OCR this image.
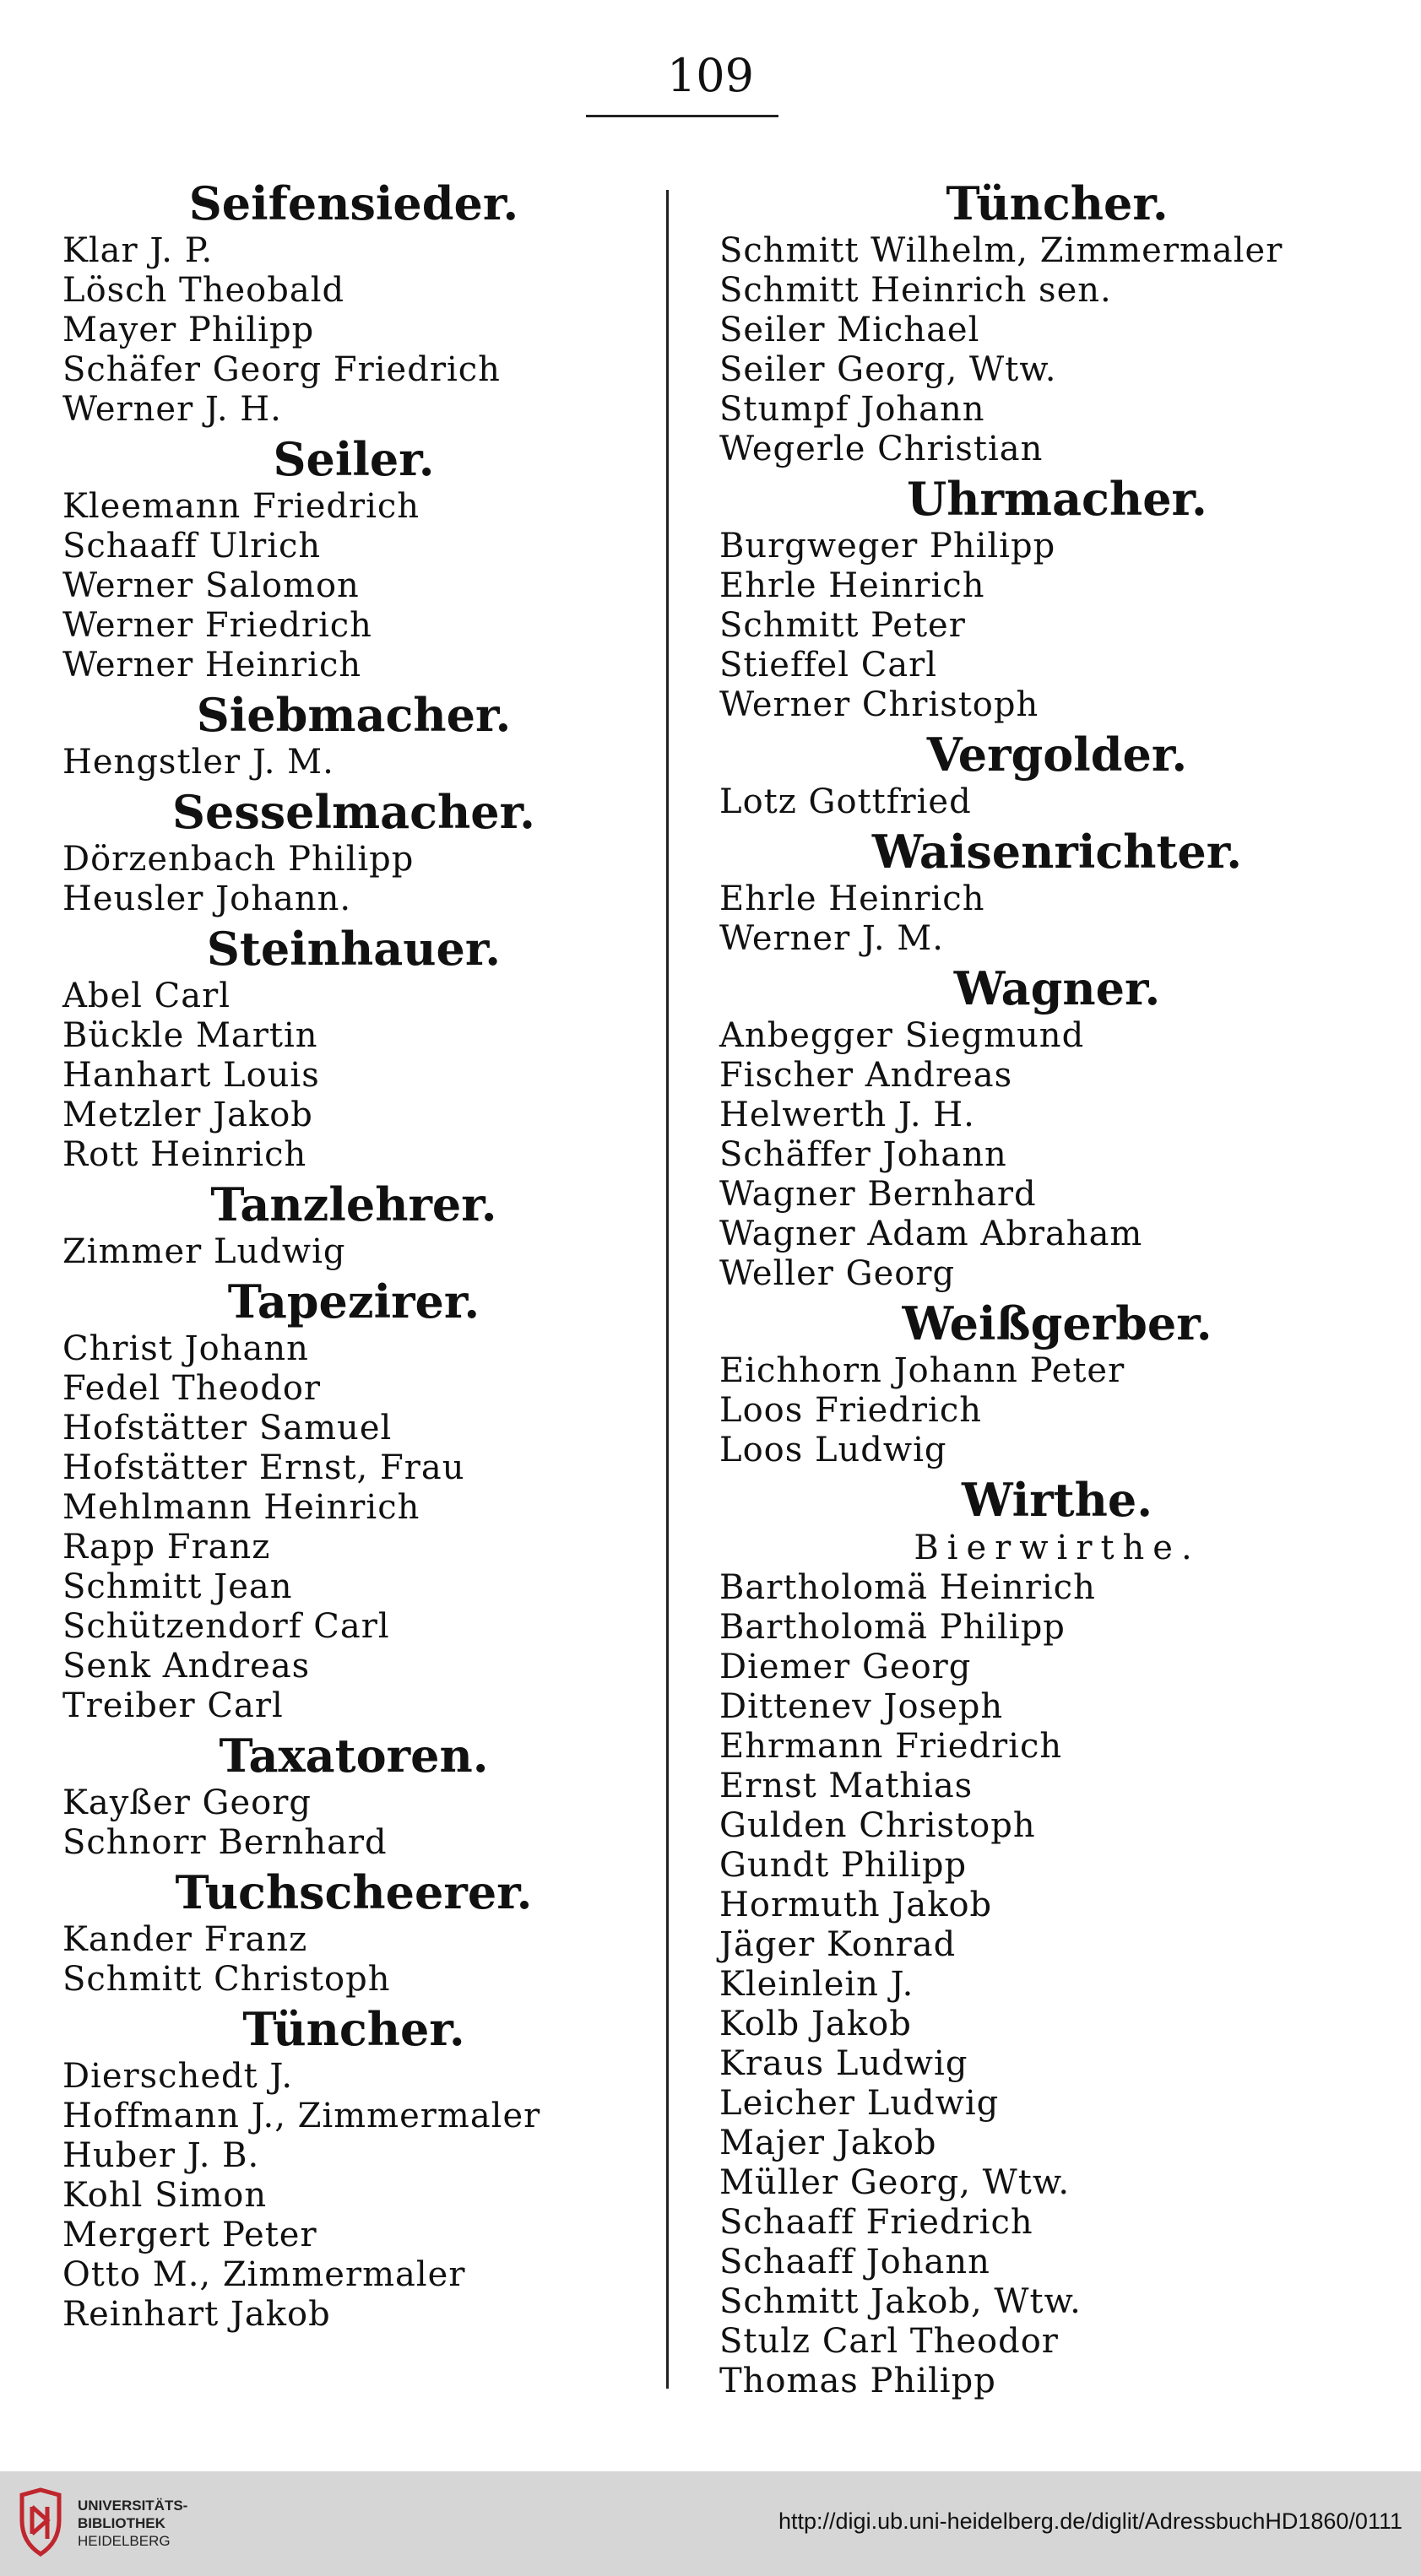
109
Seifensieder.
Klar J. P.
Lösch Theobald
Mayer Philipp
Schäfer Georg Friedrich
Werner J. H.
Seiler.
Kleemann Friedrich
Schaaff Ulrich
Werner Salomon
Werner Friedrich
Werner Heinrich
Siebmacher.
Hengstler J. M.
Sesselmacher.
Dörzenbach Philipp
Heusler Johann.
Steinhauer.
Abel Carl
Bückle Martin
Hanhart Louis
Metzler Jakob
Rott Heinrich
Tanzlehrer.
Zimmer Ludwig
Tapezirer.
Christ Johann
Fedel Theodor
Hofstätter Samuel
Hofstätter Ernst, Frau
Mehlmann Heinrich
Rapp Franz
Schmitt Jean
Schützendorf Carl
Senk Andreas
Treiber Carl
Taxatoren.
Kayßer Georg
Schnorr Bernhard
Tuchscheerer.
Kander Franz
Schmitt Christoph
Tüncher.
Dierschedt J.
Hoffmann J., Zimmermaler
Huber J. B.
Kohl Simon
Mergert Peter
Otto M., Zimmermaler
Reinhart Jakob
Tüncher.
Schmitt Wilhelm, Zimmermaler
Schmitt Heinrich sen.
Seiler Michael
Seiler Georg, Wtw.
Stumpf Johann
Wegerle Christian
Uhrmacher.
Burgweger Philipp
Ehrle Heinrich
Schmitt Peter
Stieffel Carl
Werner Christoph
Vergolder.
Lotz Gottfried
Waisenrichter.
Ehrle Heinrich
Werner J. M.
Wagner.
Anbegger Siegmund
Fischer Andreas
Helwerth J. H.
Schäffer Johann
Wagner Bernhard
Wagner Adam Abraham
Weller Georg
Weißgerber.
Eichhorn Johann Peter
Loos Friedrich
Loos Ludwig
Wirthe.
Bierwirthe.
Bartholomä Heinrich
Bartholomä Philipp
Diemer Georg
Dittenev Joseph
Ehrmann Friedrich
Ernst Mathias
Gulden Christoph
Gundt Philipp
Hormuth Jakob
Jäger Konrad
Kleinlein J.
Kolb Jakob
Kraus Ludwig
Leicher Ludwig
Majer Jakob
Müller Georg, Wtw.
Schaaff Friedrich
Schaaff Johann
Schmitt Jakob, Wtw.
Stulz Carl Theodor
Thomas Philipp
UNIVERSITÄTS-
BIBLIOTHEK
HEIDELBERG
http://digi.ub.uni-heidelberg.de/diglit/AdressbuchHD1860/0111
